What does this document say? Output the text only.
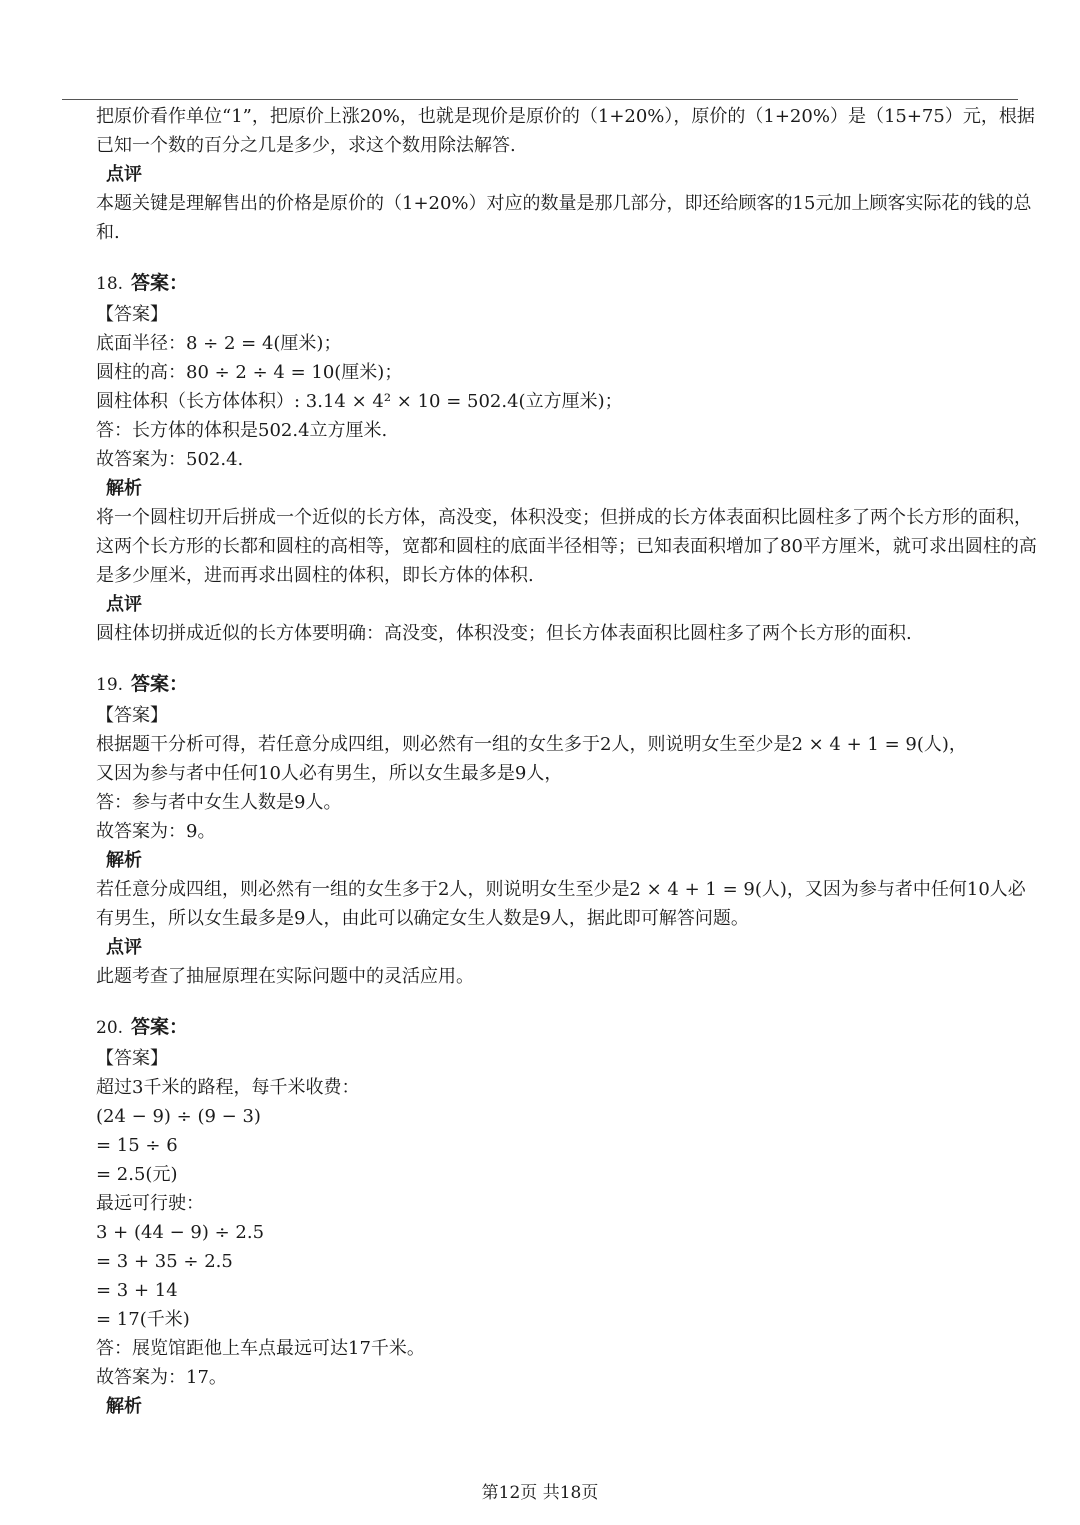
把原价看作单位“1”，把原价上涨20%，也就是现价是原价的（1+20%），原价的（1+20%）是（15+75）元，根据已知一个数的百分之几是多少，求这个数用除法解答.
点评
本题关键是理解售出的价格是原价的（1+20%）对应的数量是那几部分，即还给顾客的15元加上顾客实际花的钱的总和.
18. 答案：
【答案】
底面半径：8 ÷ 2 = 4(厘米)；
圆柱的高：80 ÷ 2 ÷ 4 = 10(厘米)；
圆柱体积（长方体体积）: 3.14 × 4² × 10 = 502.4(立方厘米)；
答：长方体的体积是502.4立方厘米.
故答案为：502.4.
解析
将一个圆柱切开后拼成一个近似的长方体，高没变，体积没变；但拼成的长方体表面积比圆柱多了两个长方形的面积，这两个长方形的长都和圆柱的高相等，宽都和圆柱的底面半径相等；已知表面积增加了80平方厘米，就可求出圆柱的高是多少厘米，进而再求出圆柱的体积，即长方体的体积.
点评
圆柱体切拼成近似的长方体要明确：高没变，体积没变；但长方体表面积比圆柱多了两个长方形的面积.
19. 答案：
【答案】
根据题干分析可得，若任意分成四组，则必然有一组的女生多于2人，则说明女生至少是2 × 4 + 1 = 9(人)，
又因为参与者中任何10人必有男生，所以女生最多是9人，
答：参与者中女生人数是9人。
故答案为：9。
解析
若任意分成四组，则必然有一组的女生多于2人，则说明女生至少是2 × 4 + 1 = 9(人)，又因为参与者中任何10人必有男生，所以女生最多是9人，由此可以确定女生人数是9人，据此即可解答问题。
点评
此题考查了抽屉原理在实际问题中的灵活应用。
20. 答案：
【答案】
超过3千米的路程，每千米收费：
(24 − 9) ÷ (9 − 3)
= 15 ÷ 6
= 2.5(元)
最远可行驶：
3 + (44 − 9) ÷ 2.5
= 3 + 35 ÷ 2.5
= 3 + 14
= 17(千米)
答：展览馆距他上车点最远可达17千米。
故答案为：17。
解析
第12页 共18页
